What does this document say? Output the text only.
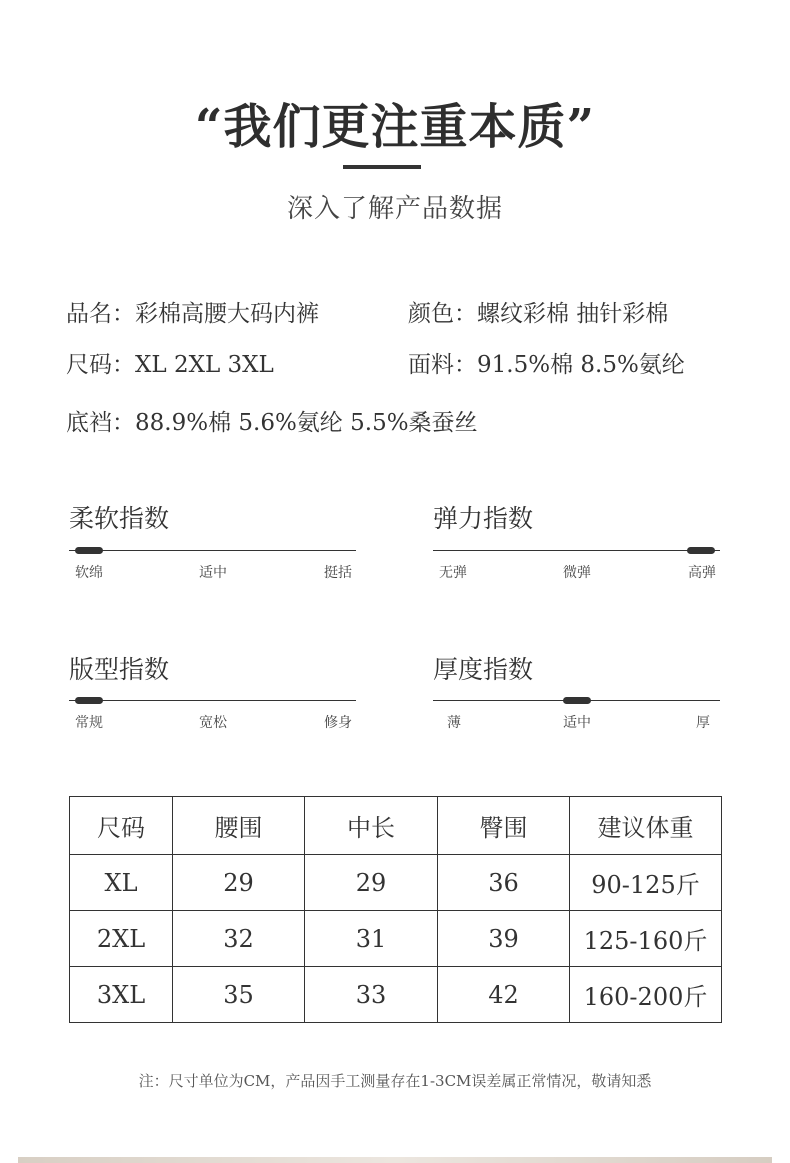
“我们更注重本质”
深入了解产品数据
品名：彩棉高腰大码内裤	颜色：螺纹彩棉 抽针彩棉
尺码：XL 2XL 3XL	面料：91.5%棉 8.5%氨纶
底裆：88.9%棉 5.6%氨纶 5.5%桑蚕丝
柔软指数
软绵	适中	挺括
弹力指数
无弹	微弹	高弹
版型指数
常规	宽松	修身
厚度指数
薄	适中	厚
尺码	腰围	中长	臀围	建议体重
XL	29	29	36	90-125斤
2XL	32	31	39	125-160斤
3XL	35	33	42	160-200斤
注：尺寸单位为CM，产品因手工测量存在1-3CM误差属正常情况，敬请知悉
